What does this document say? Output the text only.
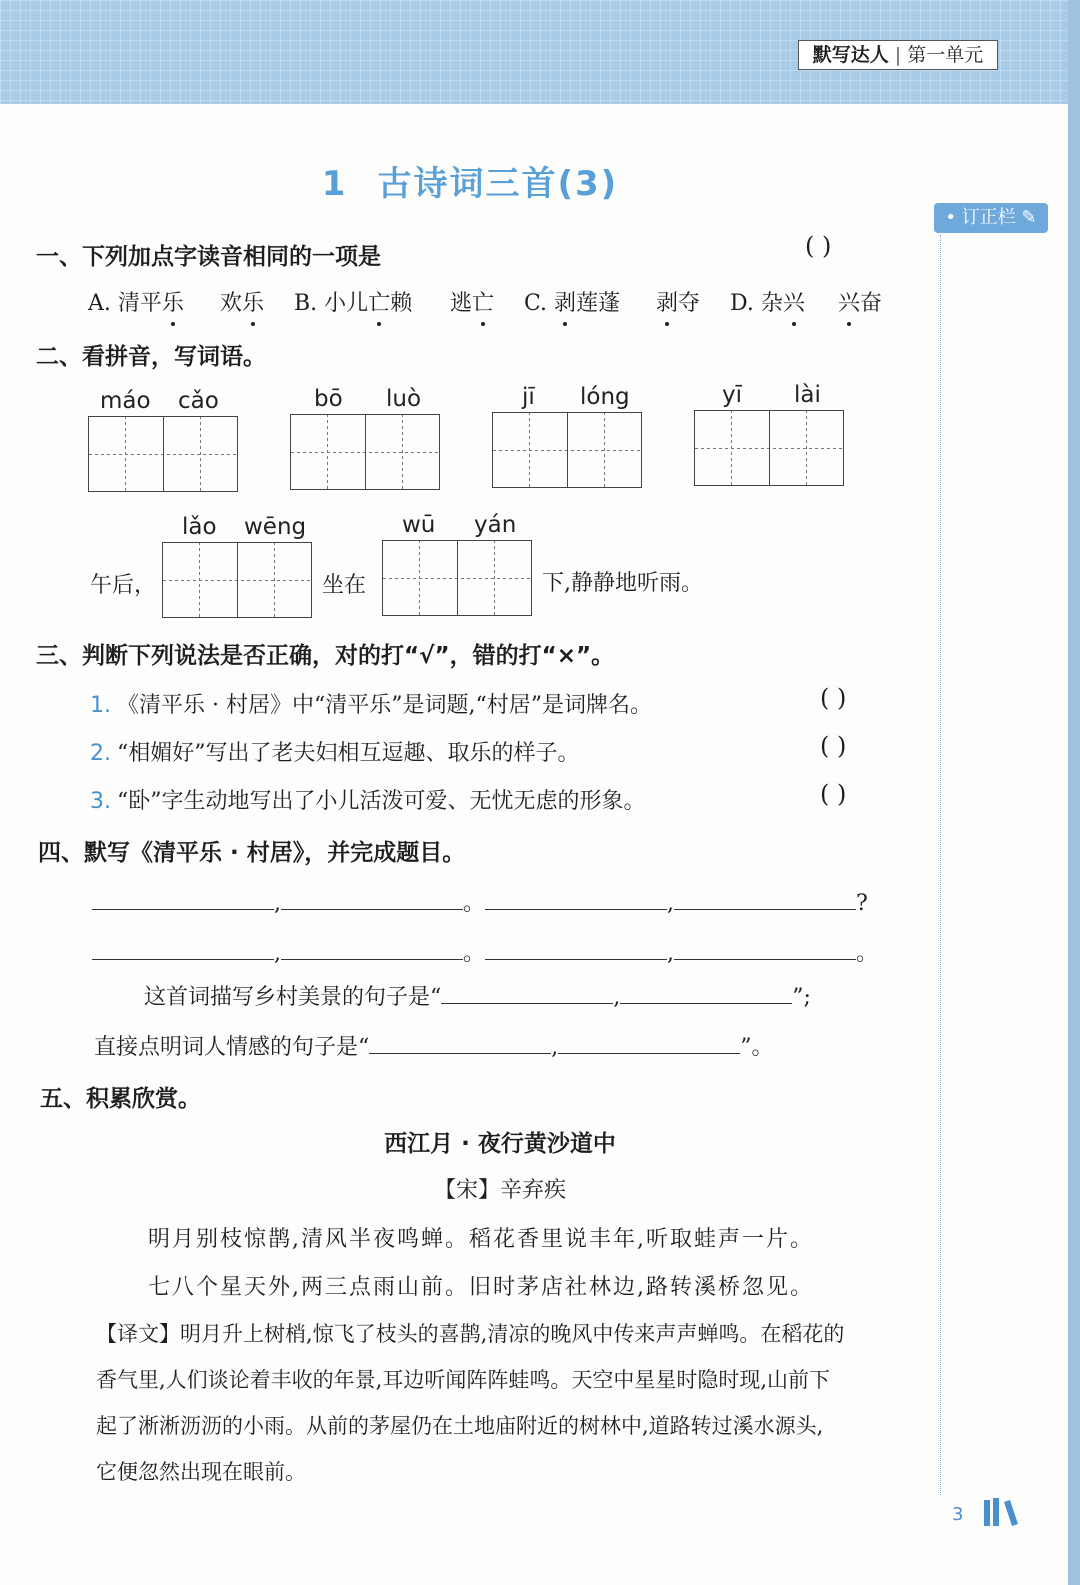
默写达人 | 第一单元
1 古诗词三首(3)
• 订正栏 ✎
一、下列加点字读音相同的一项是	( )
A. 清平乐 欢乐 B. 小儿亡赖 逃亡 C. 剥莲蓬 剥夺 D. 杂兴 兴奋
二、看拼音，写词语。
máo cǎo	bō luò	jī lóng	yī lài
午后，
lǎo wēng
坐在
wū yán
下,静静地听雨。
三、判断下列说法是否正确，对的打“√”，错的打“×”。
1. 《清平乐 · 村居》中“清平乐”是词题,“村居”是词牌名。	( )
2. “相媚好”写出了老夫妇相互逗趣、取乐的样子。	( )
3. “卧”字生动地写出了小儿活泼可爱、无忧无虑的形象。	( )
四、默写《清平乐 · 村居》，并完成题目。
,	。	,	?
,	。	,	。
这首词描写乡村美景的句子是“	,	”;
直接点明词人情感的句子是“	,	”。
五、积累欣赏。
西江月 · 夜行黄沙道中
【宋】辛弃疾
明月别枝惊鹊,清风半夜鸣蝉。稻花香里说丰年,听取蛙声一片。
七八个星天外,两三点雨山前。旧时茅店社林边,路转溪桥忽见。
【译文】明月升上树梢,惊飞了枝头的喜鹊,清凉的晚风中传来声声蝉鸣。在稻花的
香气里,人们谈论着丰收的年景,耳边听闻阵阵蛙鸣。天空中星星时隐时现,山前下
起了淅淅沥沥的小雨。从前的茅屋仍在土地庙附近的树林中,道路转过溪水源头,
它便忽然出现在眼前。
3
